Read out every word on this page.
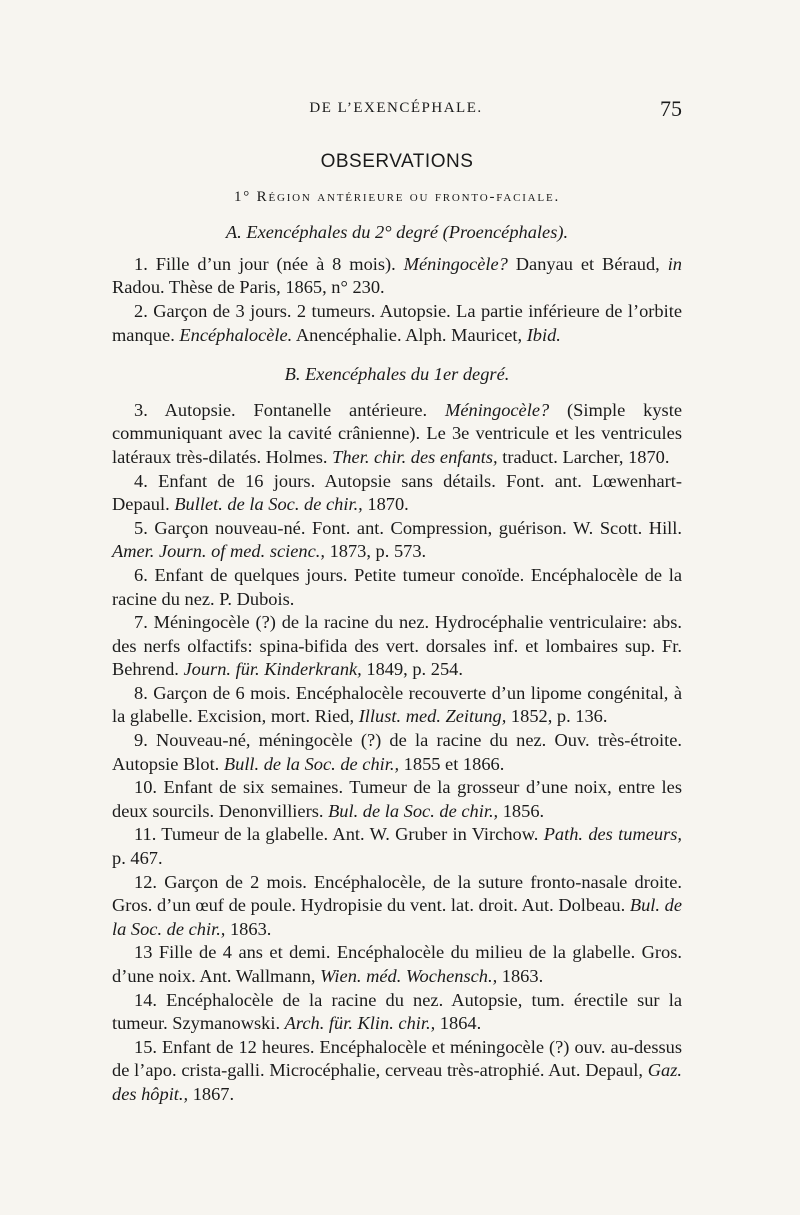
DE L’EXENCÉPHALE.	75
OBSERVATIONS
1° Région antérieure ou fronto-faciale.
A. Exencéphales du 2° degré (Proencéphales).

1. Fille d’un jour (née à 8 mois). Méningocèle? Danyau et Béraud, in Radou. Thèse de Paris, 1865, n° 230.

2. Garçon de 3 jours. 2 tumeurs. Autopsie. La partie inférieure de l’orbite manque. Encéphalocèle. Anencéphalie. Alph. Mauricet, Ibid.

B. Exencéphales du 1er degré.

3. Autopsie. Fontanelle antérieure. Méningocèle? (Simple kyste communiquant avec la cavité crânienne). Le 3e ventricule et les ventricules latéraux très-dilatés. Holmes. Ther. chir. des enfants, traduct. Larcher, 1870.

4. Enfant de 16 jours. Autopsie sans détails. Font. ant. Lœwenhart-Depaul. Bullet. de la Soc. de chir., 1870.

5. Garçon nouveau-né. Font. ant. Compression, guérison. W. Scott. Hill. Amer. Journ. of med. scienc., 1873, p. 573.

6. Enfant de quelques jours. Petite tumeur conoïde. Encéphalocèle de la racine du nez. P. Dubois.

7. Méningocèle (?) de la racine du nez. Hydrocéphalie ventriculaire: abs. des nerfs olfactifs: spina-bifida des vert. dorsales inf. et lombaires sup. Fr. Behrend. Journ. für. Kinderkrank, 1849, p. 254.

8. Garçon de 6 mois. Encéphalocèle recouverte d’un lipome congénital, à la glabelle. Excision, mort. Ried, Illust. med. Zeitung, 1852, p. 136.

9. Nouveau-né, méningocèle (?) de la racine du nez. Ouv. très-étroite. Autopsie Blot. Bull. de la Soc. de chir., 1855 et 1866.

10. Enfant de six semaines. Tumeur de la grosseur d’une noix, entre les deux sourcils. Denonvilliers. Bul. de la Soc. de chir., 1856.

11. Tumeur de la glabelle. Ant. W. Gruber in Virchow. Path. des tumeurs, p. 467.

12. Garçon de 2 mois. Encéphalocèle, de la suture fronto-nasale droite. Gros. d’un œuf de poule. Hydropisie du vent. lat. droit. Aut. Dolbeau. Bul. de la Soc. de chir., 1863.

13 Fille de 4 ans et demi. Encéphalocèle du milieu de la glabelle. Gros. d’une noix. Ant. Wallmann, Wien. méd. Wochensch., 1863.

14. Encéphalocèle de la racine du nez. Autopsie, tum. érectile sur la tumeur. Szymanowski. Arch. für. Klin. chir., 1864.

15. Enfant de 12 heures. Encéphalocèle et méningocèle (?) ouv. au-dessus de l’apo. crista-galli. Microcéphalie, cerveau très-atrophié. Aut. Depaul, Gaz. des hôpit., 1867.
